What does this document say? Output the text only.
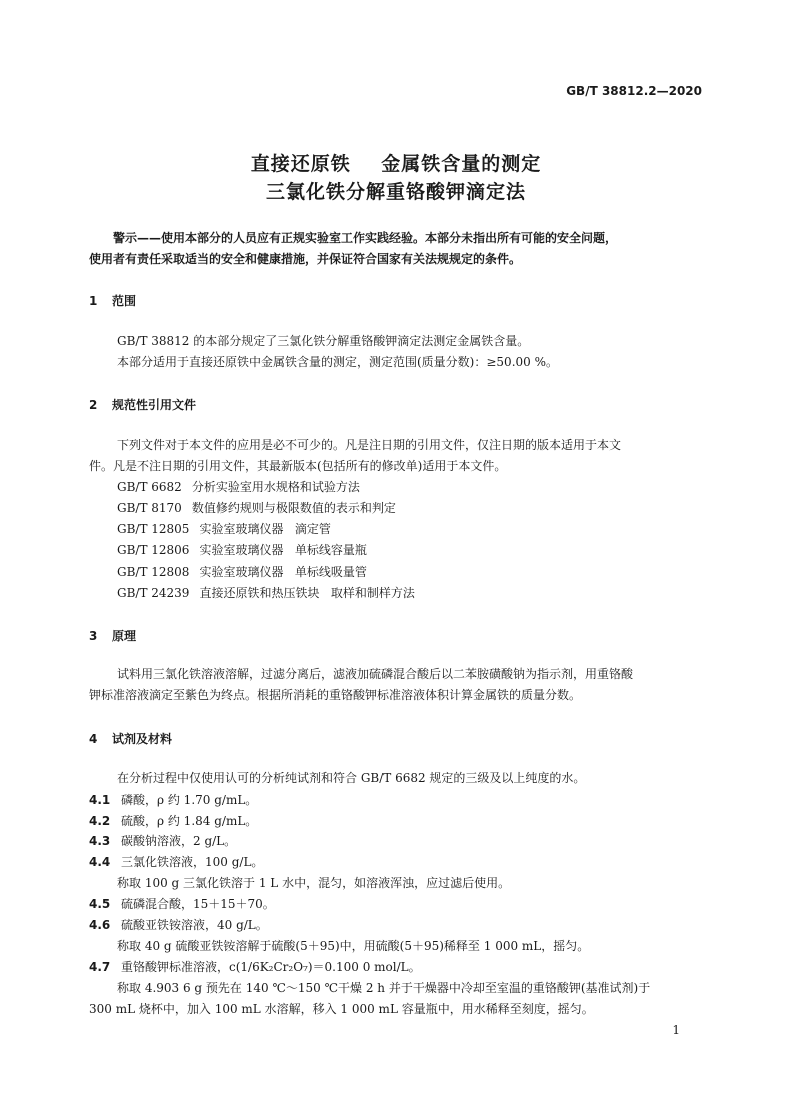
GB/T 38812.2—2020
直接还原铁    金属铁含量的测定
三氯化铁分解重铬酸钾滴定法
警示——使用本部分的人员应有正规实验室工作实践经验。本部分未指出所有可能的安全问题，
使用者有责任采取适当的安全和健康措施，并保证符合国家有关法规规定的条件。
1 范围
GB/T 38812 的本部分规定了三氯化铁分解重铬酸钾滴定法测定金属铁含量。
本部分适用于直接还原铁中金属铁含量的测定，测定范围(质量分数)：≥50.00 %。
2 规范性引用文件
下列文件对于本文件的应用是必不可少的。凡是注日期的引用文件，仅注日期的版本适用于本文
件。凡是不注日期的引用文件，其最新版本(包括所有的修改单)适用于本文件。
GB/T 6682 分析实验室用水规格和试验方法
GB/T 8170 数值修约规则与极限数值的表示和判定
GB/T 12805 实验室玻璃仪器   滴定管
GB/T 12806 实验室玻璃仪器   单标线容量瓶
GB/T 12808 实验室玻璃仪器   单标线吸量管
GB/T 24239 直接还原铁和热压铁块   取样和制样方法
3 原理
试料用三氯化铁溶液溶解，过滤分离后，滤液加硫磷混合酸后以二苯胺磺酸钠为指示剂，用重铬酸
钾标准溶液滴定至紫色为终点。根据所消耗的重铬酸钾标准溶液体积计算金属铁的质量分数。
4 试剂及材料
在分析过程中仅使用认可的分析纯试剂和符合 GB/T 6682 规定的三级及以上纯度的水。
4.1 磷酸，ρ 约 1.70 g/mL。
4.2 硫酸，ρ 约 1.84 g/mL。
4.3 碳酸钠溶液，2 g/L。
4.4 三氯化铁溶液，100 g/L。
称取 100 g 三氯化铁溶于 1 L 水中，混匀，如溶液浑浊，应过滤后使用。
4.5 硫磷混合酸，15＋15＋70。
4.6 硫酸亚铁铵溶液，40 g/L。
称取 40 g 硫酸亚铁铵溶解于硫酸(5＋95)中，用硫酸(5＋95)稀释至 1 000 mL，摇匀。
4.7 重铬酸钾标准溶液，c(1/6K₂Cr₂O₇)＝0.100 0 mol/L。
称取 4.903 6 g 预先在 140 ℃～150 ℃干燥 2 h 并于干燥器中冷却至室温的重铬酸钾(基准试剂)于
300 mL 烧杯中，加入 100 mL 水溶解，移入 1 000 mL 容量瓶中，用水稀释至刻度，摇匀。
1
